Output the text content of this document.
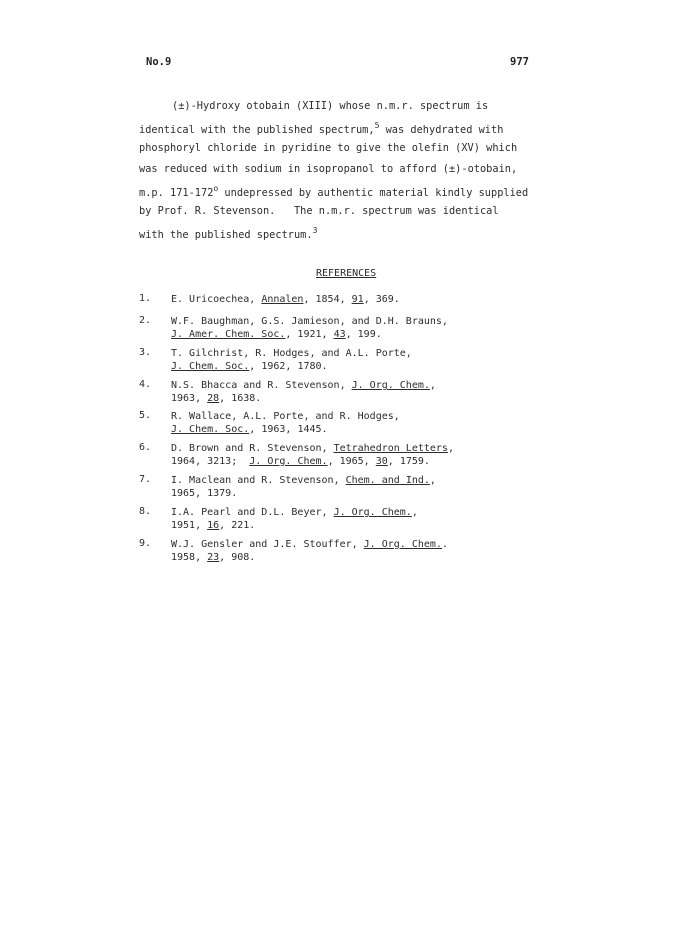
No.9	977
(±)-Hydroxy otobain (XIII) whose n.m.r. spectrum is
identical with the published spectrum,$^5$ was dehydrated with
phosphoryl chloride in pyridine to give the olefin (XV) which
was reduced with sodium in isopropanol to afford (±)-otobain,
m.p. 171-172$^o$ undepressed by authentic material kindly supplied
by Prof. R. Stevenson.   The n.m.r. spectrum was identical
with the published spectrum.$^3$
REFERENCES
1.	E. Uricoechea, Annalen, 1854, 91, 369.
2.	W.F. Baughman, G.S. Jamieson, and D.H. Brauns,
J. Amer. Chem. Soc., 1921, 43, 199.
3.	T. Gilchrist, R. Hodges, and A.L. Porte,
J. Chem. Soc., 1962, 1780.
4.	N.S. Bhacca and R. Stevenson, J. Org. Chem.,
1963, 28, 1638.
5.	R. Wallace, A.L. Porte, and R. Hodges,
J. Chem. Soc., 1963, 1445.
6.	D. Brown and R. Stevenson, Tetrahedron Letters,
1964, 3213;  J. Org. Chem., 1965, 30, 1759.
7.	I. Maclean and R. Stevenson, Chem. and Ind.,
1965, 1379.
8.	I.A. Pearl and D.L. Beyer, J. Org. Chem.,
1951, 16, 221.
9.	W.J. Gensler and J.E. Stouffer, J. Org. Chem..
1958, 23, 908.
